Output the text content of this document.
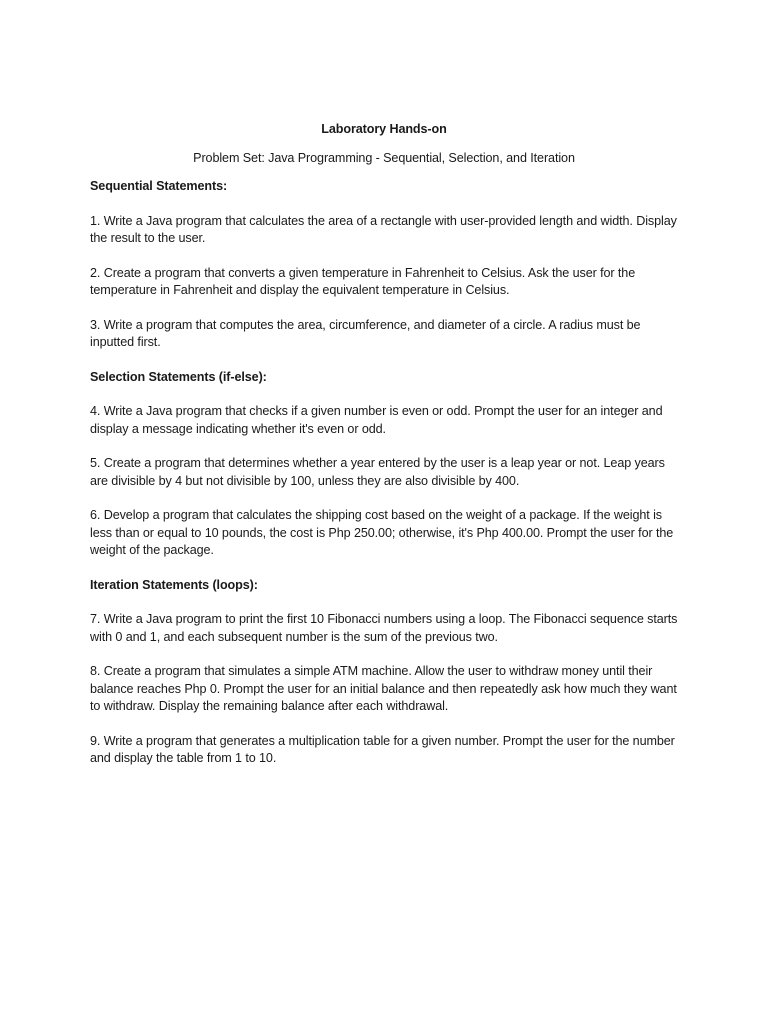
Laboratory Hands-on

Problem Set: Java Programming - Sequential, Selection, and Iteration

Sequential Statements:

1. Write a Java program that calculates the area of a rectangle with user-provided length and width. Display the result to the user.

2. Create a program that converts a given temperature in Fahrenheit to Celsius. Ask the user for the temperature in Fahrenheit and display the equivalent temperature in Celsius.

3. Write a program that computes the area, circumference, and diameter of a circle. A radius must be inputted first.

Selection Statements (if-else):

4. Write a Java program that checks if a given number is even or odd. Prompt the user for an integer and display a message indicating whether it's even or odd.

5. Create a program that determines whether a year entered by the user is a leap year or not. Leap years are divisible by 4 but not divisible by 100, unless they are also divisible by 400.

6. Develop a program that calculates the shipping cost based on the weight of a package. If the weight is less than or equal to 10 pounds, the cost is Php 250.00; otherwise, it's Php 400.00. Prompt the user for the weight of the package.

Iteration Statements (loops):

7. Write a Java program to print the first 10 Fibonacci numbers using a loop. The Fibonacci sequence starts with 0 and 1, and each subsequent number is the sum of the previous two.

8. Create a program that simulates a simple ATM machine. Allow the user to withdraw money until their balance reaches Php 0. Prompt the user for an initial balance and then repeatedly ask how much they want to withdraw. Display the remaining balance after each withdrawal.

9. Write a program that generates a multiplication table for a given number. Prompt the user for the number and display the table from 1 to 10.
